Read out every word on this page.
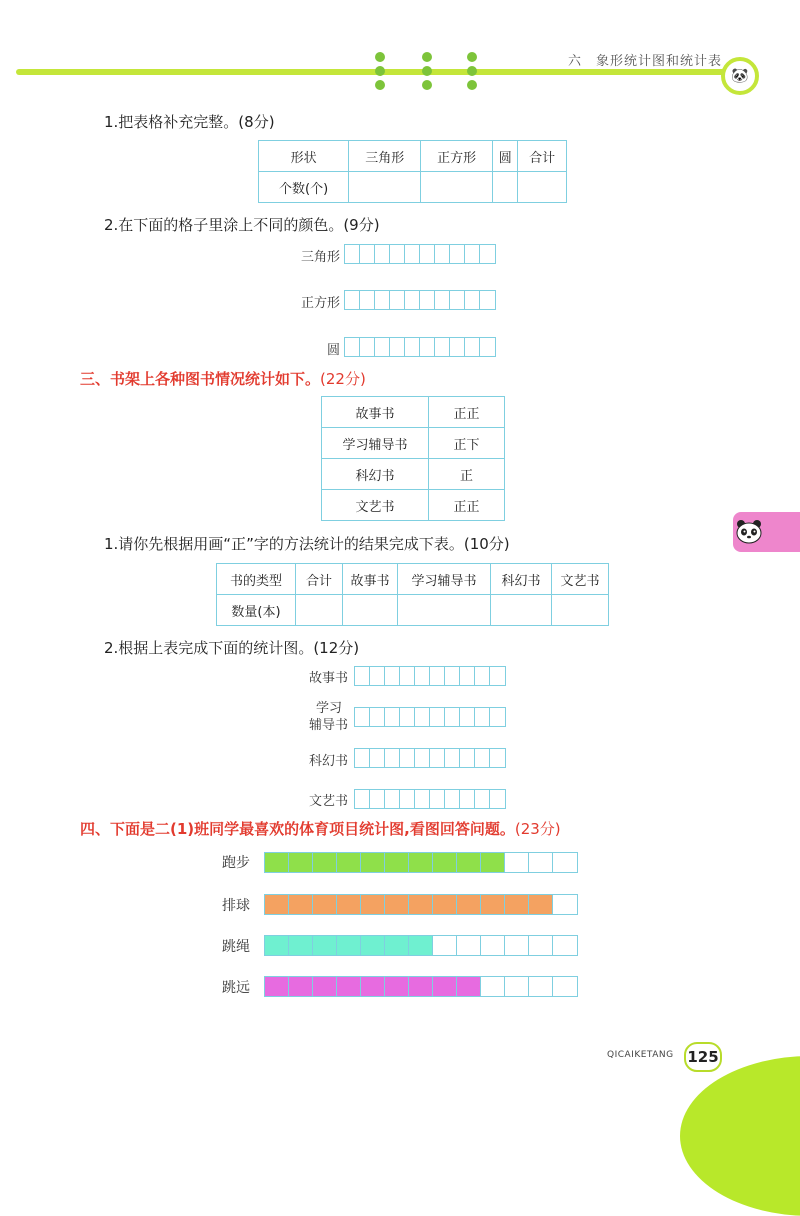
六　象形统计图和统计表
🐼
1.把表格补充完整。(8分)
形状	三角形	正方形	圆	合计
个数(个)				
2.在下面的格子里涂上不同的颜色。(9分)
三角形
正方形
圆
三、书架上各种图书情况统计如下。(22分)
故事书	正正
学习辅导书	正下
科幻书	正
文艺书	正正
1.请你先根据用画“正”字的方法统计的结果完成下表。(10分)
书的类型	合计	故事书	学习辅导书	科幻书	文艺书
数量(本)					
2.根据上表完成下面的统计图。(12分)
故事书
学习
辅导书
科幻书
文艺书
四、下面是二(1)班同学最喜欢的体育项目统计图,看图回答问题。(23分)
跑步
排球
跳绳
跳远
QICAIKETANG 125
